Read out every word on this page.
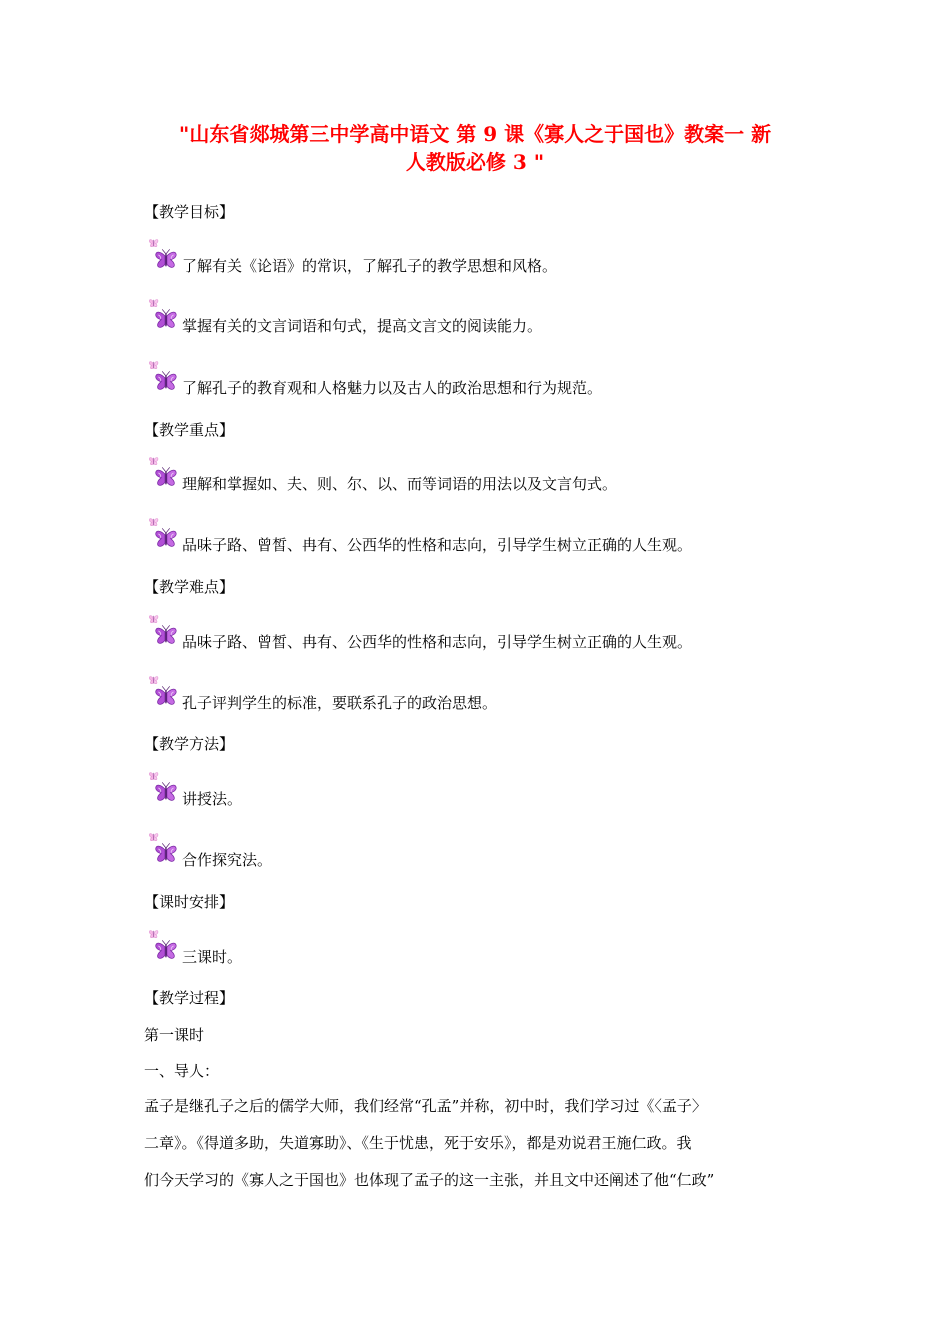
"山东省郯城第三中学高中语文 第 9 课《寡人之于国也》教案一 新
人教版必修 3 "
【教学目标】
了解有关《论语》的常识，了解孔子的教学思想和风格。
掌握有关的文言词语和句式，提高文言文的阅读能力。
了解孔子的教育观和人格魅力以及古人的政治思想和行为规范。
【教学重点】
理解和掌握如、夫、则、尔、以、而等词语的用法以及文言句式。
品味子路、曾皙、冉有、公西华的性格和志向，引导学生树立正确的人生观。
【教学难点】
品味子路、曾皙、冉有、公西华的性格和志向，引导学生树立正确的人生观。
孔子评判学生的标准，要联系孔子的政治思想。
【教学方法】
讲授法。
合作探究法。
【课时安排】
三课时。
【教学过程】
第一课时
一、导人：
孟子是继孔子之后的儒学大师，我们经常“孔孟”并称，初中时，我们学习过《〈孟子〉
二章》。《得道多助，失道寡助》、《生于忧患，死于安乐》，都是劝说君王施仁政。我
们今天学习的《寡人之于国也》也体现了孟子的这一主张，并且文中还阐述了他“仁政”
